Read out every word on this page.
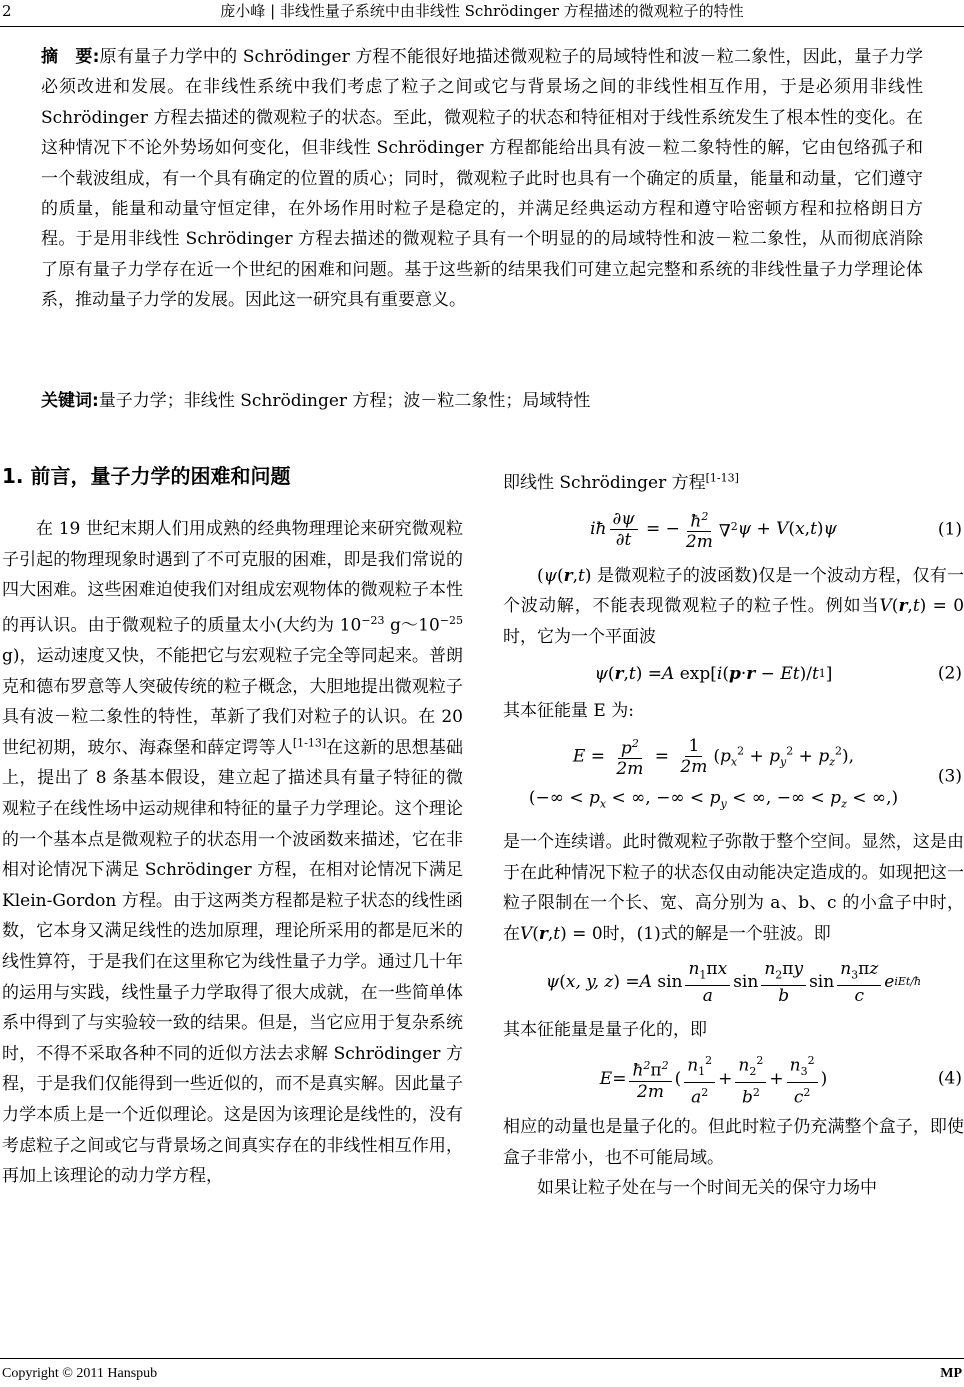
2	庞小峰 | 非线性量子系统中由非线性 Schrödinger 方程描述的微观粒子的特性
摘　要:原有量子力学中的 Schrödinger 方程不能很好地描述微观粒子的局域特性和波－粒二象性，因此，量子力学必须改进和发展。在非线性系统中我们考虑了粒子之间或它与背景场之间的非线性相互作用，于是必须用非线性 Schrödinger 方程去描述的微观粒子的状态。至此，微观粒子的状态和特征相对于线性系统发生了根本性的变化。在这种情况下不论外势场如何变化，但非线性 Schrödinger 方程都能给出具有波－粒二象特性的解，它由包络孤子和一个载波组成，有一个具有确定的位置的质心；同时，微观粒子此时也具有一个确定的质量，能量和动量，它们遵守的质量，能量和动量守恒定律，在外场作用时粒子是稳定的，并满足经典运动方程和遵守哈密顿方程和拉格朗日方程。于是用非线性 Schrödinger 方程去描述的微观粒子具有一个明显的的局域特性和波－粒二象性，从而彻底消除了原有量子力学存在近一个世纪的困难和问题。基于这些新的结果我们可建立起完整和系统的非线性量子力学理论体系，推动量子力学的发展。因此这一研究具有重要意义。
关键词:量子力学；非线性 Schrödinger 方程；波－粒二象性；局域特性
1. 前言，量子力学的困难和问题

在 19 世纪末期人们用成熟的经典物理理论来研究微观粒子引起的物理现象时遇到了不可克服的困难，即是我们常说的四大困难。这些困难迫使我们对组成宏观物体的微观粒子本性的再认识。由于微观粒子的质量太小(大约为 $10^{-23}$ $g\sim 10^{-25}$ g)，运动速度又快，不能把它与宏观粒子完全等同起来。普朗克和德布罗意等人突破传统的粒子概念，大胆地提出微观粒子具有波－粒二象性的特性，革新了我们对粒子的认识。在 20 世纪初期，玻尔、海森堡和薛定谔等人[1-13]在这新的思想基础上，提出了 8 条基本假设，建立起了描述具有量子特征的微观粒子在线性场中运动规律和特征的量子力学理论。这个理论的一个基本点是微观粒子的状态用一个波函数来描述，它在非相对论情况下满足 Schrödinger 方程，在相对论情况下满足 Klein-Gordon 方程。由于这两类方程都是粒子状态的线性函数，它本身又满足线性的迭加原理，理论所采用的都是厄米的线性算符，于是我们在这里称它为线性量子力学。通过几十年的运用与实践，线性量子力学取得了很大成就，在一些简单体系中得到了与实验较一致的结果。但是，当它应用于复杂系统时，不得不采取各种不同的近似方法去求解 Schrödinger 方程，于是我们仅能得到一些近似的，而不是真实解。因此量子力学本质上是一个近似理论。这是因为该理论是线性的，没有考虑粒子之间或它与背景场之间真实存在的非线性相互作用，再加上该理论的动力学方程，

即线性 Schrödinger 方程[1-13]

iħ $\frac{\partial\psi}{\partial t}$ = − $\frac{ħ^2}{2m} \nabla^2$ ψ + V ( x , t ) ψ	(1)

(ψ(r,t) 是微观粒子的波函数)仅是一个波动方程，仅有一个波动解，不能表现微观粒子的粒子性。例如当V(r,t) = 0时，它为一个平面波

ψ ( r , t ) = A exp[ i ( p · r − Et )/ t 1 ]	(2)

其本征能量 E 为:

$E = \frac{p^2}{2m} = \frac{1}{2m} (p_x^2 + p_y^2 + p_z^2)$,
(−∞ < $p_x$ < ∞, −∞ < $p_y$ < ∞, −∞ < $p_z$ < ∞,)
(3)

是一个连续谱。此时微观粒子弥散于整个空间。显然，这是由于在此种情况下粒子的状态仅由动能决定造成的。如现把这一粒子限制在一个长、宽、高分别为 a、b、c 的小盒子中时，在V(r,t) = 0时，(1)式的解是一个驻波。即

ψ ( x, y, z ) = A $\sin \frac{n_1\pi x}{a}$ $\sin \frac{n_2\pi y}{b}$ $\sin \frac{n_3\pi z}{c}$ e iEt/ħ

其本征能量是量子化的，即

$E = \frac{ħ^2\pi^2}{2m}$ ( $\frac{n_1^2}{a^2} + \frac{n_2^2}{b^2} + \frac{n_3^2}{c^2}$ )	(4)

相应的动量也是量子化的。但此时粒子仍充满整个盒子，即使盒子非常小，也不可能局域。

如果让粒子处在与一个时间无关的保守力场中

Copyright © 2011 Hanspub	MP
